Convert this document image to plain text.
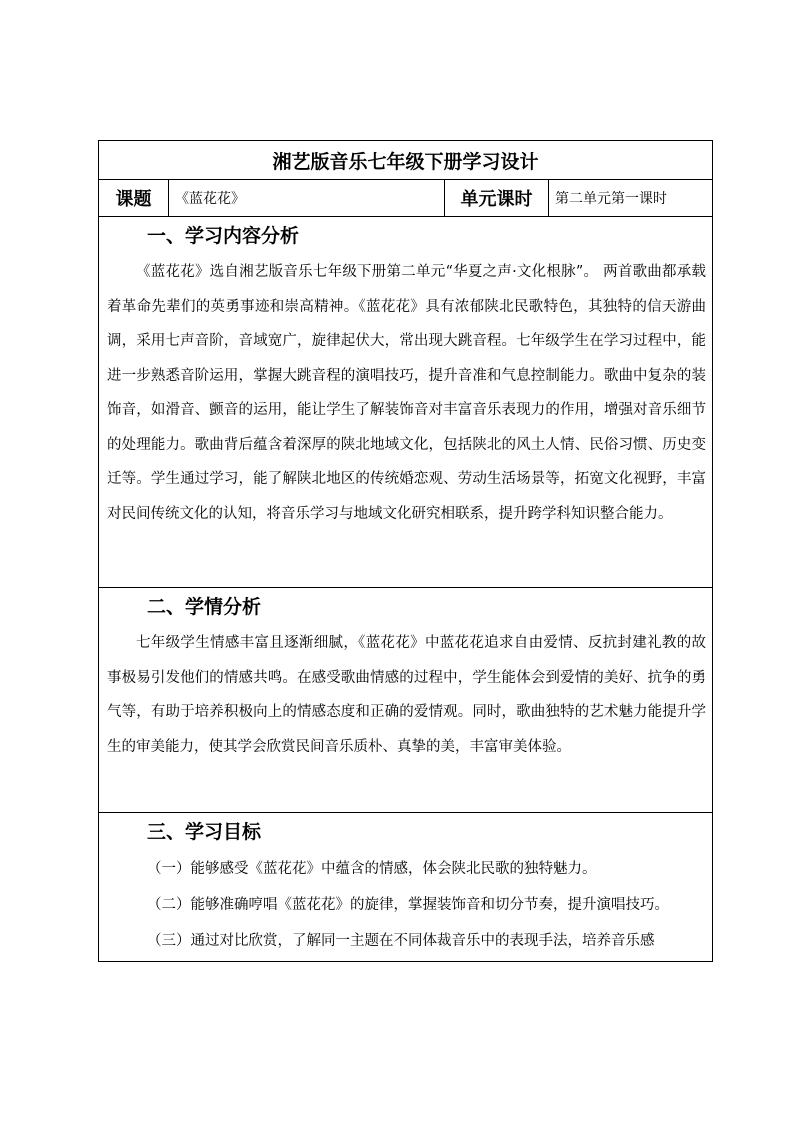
湘艺版音乐七年级下册学习设计
课题	《蓝花花》	单元课时	第二单元第一课时

一、学习内容分析

《蓝花花》选自湘艺版音乐七年级下册第二单元“华夏之声·文化根脉”。 两首歌曲都承载着革命先辈们的英勇事迹和崇高精神。《蓝花花》具有浓郁陕北民歌特色，其独特的信天游曲调，采用七声音阶，音域宽广，旋律起伏大，常出现大跳音程。七年级学生在学习过程中，能进一步熟悉音阶运用，掌握大跳音程的演唱技巧，提升音准和气息控制能力。歌曲中复杂的装饰音，如滑音、颤音的运用，能让学生了解装饰音对丰富音乐表现力的作用，增强对音乐细节的处理能力。歌曲背后蕴含着深厚的陕北地域文化，包括陕北的风土人情、民俗习惯、历史变迁等。学生通过学习，能了解陕北地区的传统婚恋观、劳动生活场景等，拓宽文化视野，丰富对民间传统文化的认知，将音乐学习与地域文化研究相联系，提升跨学科知识整合能力。

二、学情分析

七年级学生情感丰富且逐渐细腻，《蓝花花》中蓝花花追求自由爱情、反抗封建礼教的故事极易引发他们的情感共鸣。在感受歌曲情感的过程中，学生能体会到爱情的美好、抗争的勇气等，有助于培养积极向上的情感态度和正确的爱情观。同时，歌曲独特的艺术魅力能提升学生的审美能力，使其学会欣赏民间音乐质朴、真挚的美，丰富审美体验。

三、学习目标

（一）能够感受《蓝花花》中蕴含的情感，体会陕北民歌的独特魅力。

（二）能够准确哼唱《蓝花花》的旋律，掌握装饰音和切分节奏，提升演唱技巧。

（三）通过对比欣赏，了解同一主题在不同体裁音乐中的表现手法，培养音乐感
